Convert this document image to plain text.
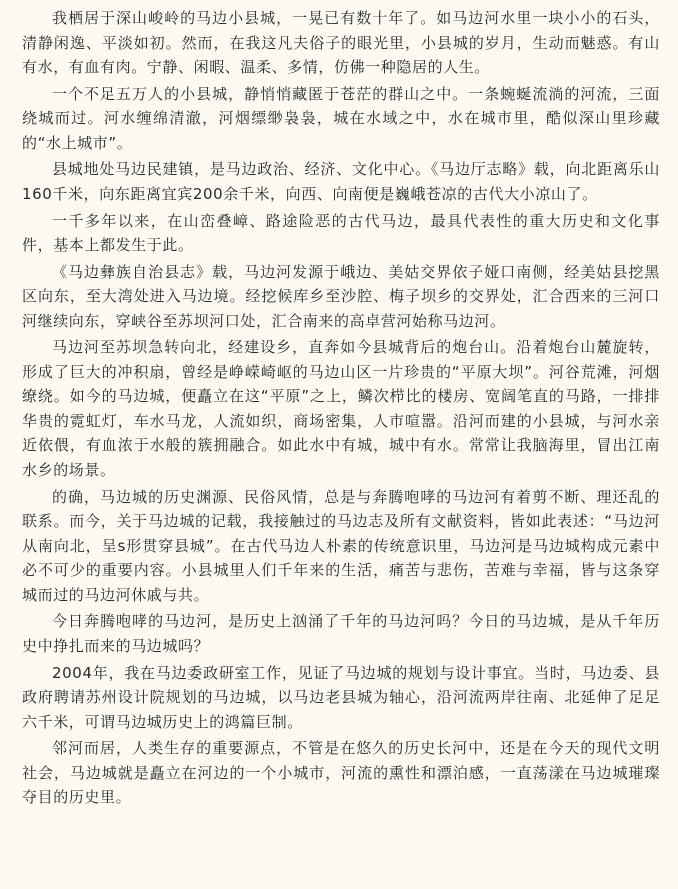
我栖居于深山峻岭的马边小县城，一晃已有数十年了。如马边河水里一块小小的石头，清静闲逸、平淡如初。然而，在我这凡夫俗子的眼光里，小县城的岁月，生动而魅惑。有山有水，有血有肉。宁静、闲暇、温柔、多情，仿佛一种隐居的人生。

一个不足五万人的小县城，静悄悄藏匿于苍茫的群山之中。一条蜿蜒流淌的河流，三面绕城而过。河水缠绵清澈，河烟缥缈袅袅，城在水域之中，水在城市里，酷似深山里珍藏的“水上城市”。

县城地处马边民建镇，是马边政治、经济、文化中心。《马边厅志略》载，向北距离乐山160千米，向东距离宜宾200余千米，向西、向南便是巍峨苍凉的古代大小凉山了。

一千多年以来，在山峦叠嶂、路途险恶的古代马边，最具代表性的重大历史和文化事件，基本上都发生于此。

《马边彝族自治县志》载，马边河发源于峨边、美姑交界依子娅口南侧，经美姑县挖黑区向东，至大湾处进入马边境。经挖候库乡至沙腔、梅子坝乡的交界处，汇合西来的三河口河继续向东，穿峡谷至苏坝河口处，汇合南来的高卓营河始称马边河。

马边河至苏坝急转向北，经建设乡，直奔如今县城背后的炮台山。沿着炮台山麓旋转，形成了巨大的冲积扇，曾经是峥嵘崎岖的马边山区一片珍贵的“平原大坝”。河谷荒滩，河烟缭绕。如今的马边城，便矗立在这“平原”之上，鳞次栉比的楼房、宽阔笔直的马路，一排排华贵的霓虹灯，车水马龙，人流如织，商场密集，人市喧嚣。沿河而建的小县城，与河水亲近依偎，有血浓于水般的簇拥融合。如此水中有城，城中有水。常常让我脑海里，冒出江南水乡的场景。

的确，马边城的历史渊源、民俗风情，总是与奔腾咆哮的马边河有着剪不断、理还乱的联系。而今，关于马边城的记载，我接触过的马边志及所有文献资料，皆如此表述：“马边河从南向北，呈s形贯穿县城”。在古代马边人朴素的传统意识里，马边河是马边城构成元素中必不可少的重要内容。小县城里人们千年来的生活，痛苦与悲伤，苦难与幸福，皆与这条穿城而过的马边河休戚与共。

今日奔腾咆哮的马边河，是历史上汹涌了千年的马边河吗？今日的马边城，是从千年历史中挣扎而来的马边城吗？

2004年，我在马边委政研室工作，见证了马边城的规划与设计事宜。当时，马边委、县政府聘请苏州设计院规划的马边城，以马边老县城为轴心，沿河流两岸往南、北延伸了足足六千米，可谓马边城历史上的鸿篇巨制。

邻河而居，人类生存的重要源点，不管是在悠久的历史长河中，还是在今天的现代文明社会，马边城就是矗立在河边的一个小城市，河流的熏性和漂泊感，一直荡漾在马边城璀璨夺目的历史里。
